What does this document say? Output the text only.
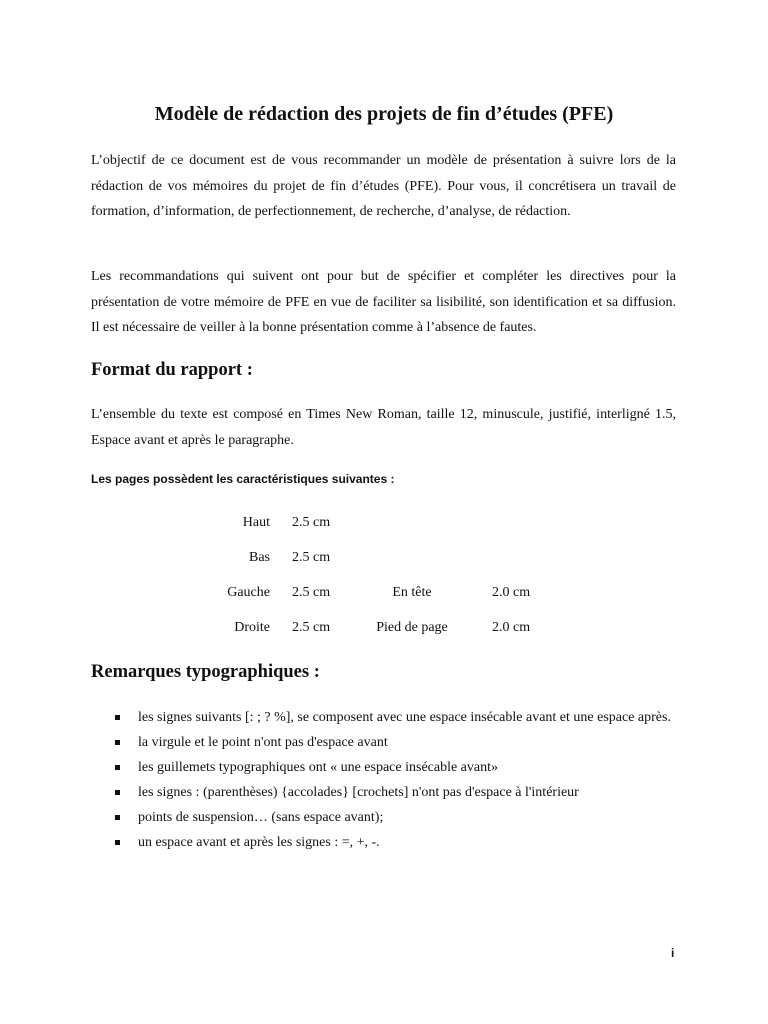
Modèle de rédaction des projets de fin d’études (PFE)
L’objectif de ce document est de vous recommander un modèle de présentation à suivre lors de la rédaction de vos mémoires du projet de fin d’études (PFE). Pour vous, il concrétisera un travail de formation, d’information, de perfectionnement, de recherche, d’analyse, de rédaction.
Les recommandations qui suivent ont pour but de spécifier et compléter les directives pour la présentation de votre mémoire de PFE en vue de faciliter sa lisibilité, son identification et sa diffusion. Il est nécessaire de veiller à la bonne présentation comme à l’absence de fautes.
Format du rapport :
L’ensemble du texte est composé en Times New Roman, taille 12, minuscule, justifié, interligné 1.5, Espace avant et après le paragraphe.
Les pages possèdent les caractéristiques suivantes :
Haut 2.5 cm
Bas 2.5 cm
Gauche 2.5 cm	En tête	2.0 cm
Droite 2.5 cm	Pied de page	2.0 cm
Remarques typographiques :
les signes suivants [: ; ? %], se composent avec une espace insécable avant et une espace après.
la virgule et le point n'ont pas d'espace avant
les guillemets typographiques ont « une espace insécable avant»
les signes : (parenthèses) {accolades} [crochets] n'ont pas d'espace à l'intérieur
points de suspension… (sans espace avant);
un espace avant et après les signes : =, +, -.
i
